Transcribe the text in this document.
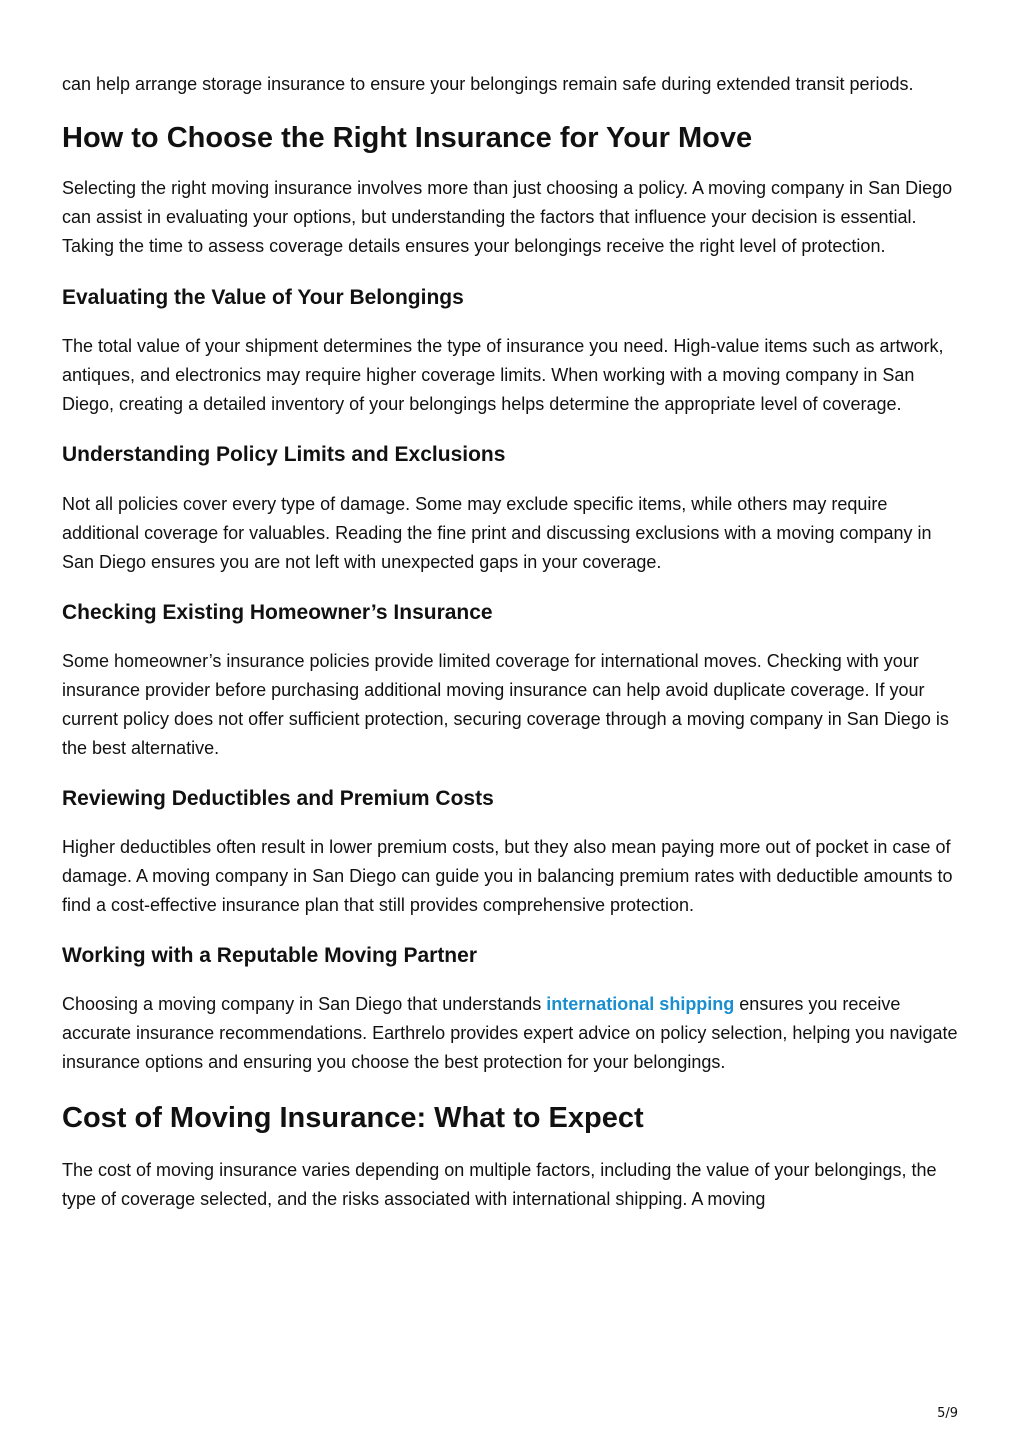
can help arrange storage insurance to ensure your belongings remain safe during extended transit periods.

How to Choose the Right Insurance for Your Move

Selecting the right moving insurance involves more than just choosing a policy. A moving company in San Diego can assist in evaluating your options, but understanding the factors that influence your decision is essential. Taking the time to assess coverage details ensures your belongings receive the right level of protection.

Evaluating the Value of Your Belongings

The total value of your shipment determines the type of insurance you need. High-value items such as artwork, antiques, and electronics may require higher coverage limits. When working with a moving company in San Diego, creating a detailed inventory of your belongings helps determine the appropriate level of coverage.

Understanding Policy Limits and Exclusions

Not all policies cover every type of damage. Some may exclude specific items, while others may require additional coverage for valuables. Reading the fine print and discussing exclusions with a moving company in San Diego ensures you are not left with unexpected gaps in your coverage.

Checking Existing Homeowner’s Insurance

Some homeowner’s insurance policies provide limited coverage for international moves. Checking with your insurance provider before purchasing additional moving insurance can help avoid duplicate coverage. If your current policy does not offer sufficient protection, securing coverage through a moving company in San Diego is the best alternative.

Reviewing Deductibles and Premium Costs

Higher deductibles often result in lower premium costs, but they also mean paying more out of pocket in case of damage. A moving company in San Diego can guide you in balancing premium rates with deductible amounts to find a cost-effective insurance plan that still provides comprehensive protection.

Working with a Reputable Moving Partner

Choosing a moving company in San Diego that understands international shipping ensures you receive accurate insurance recommendations. Earthrelo provides expert advice on policy selection, helping you navigate insurance options and ensuring you choose the best protection for your belongings.

Cost of Moving Insurance: What to Expect

The cost of moving insurance varies depending on multiple factors, including the value of your belongings, the type of coverage selected, and the risks associated with international shipping. A moving

5/9
